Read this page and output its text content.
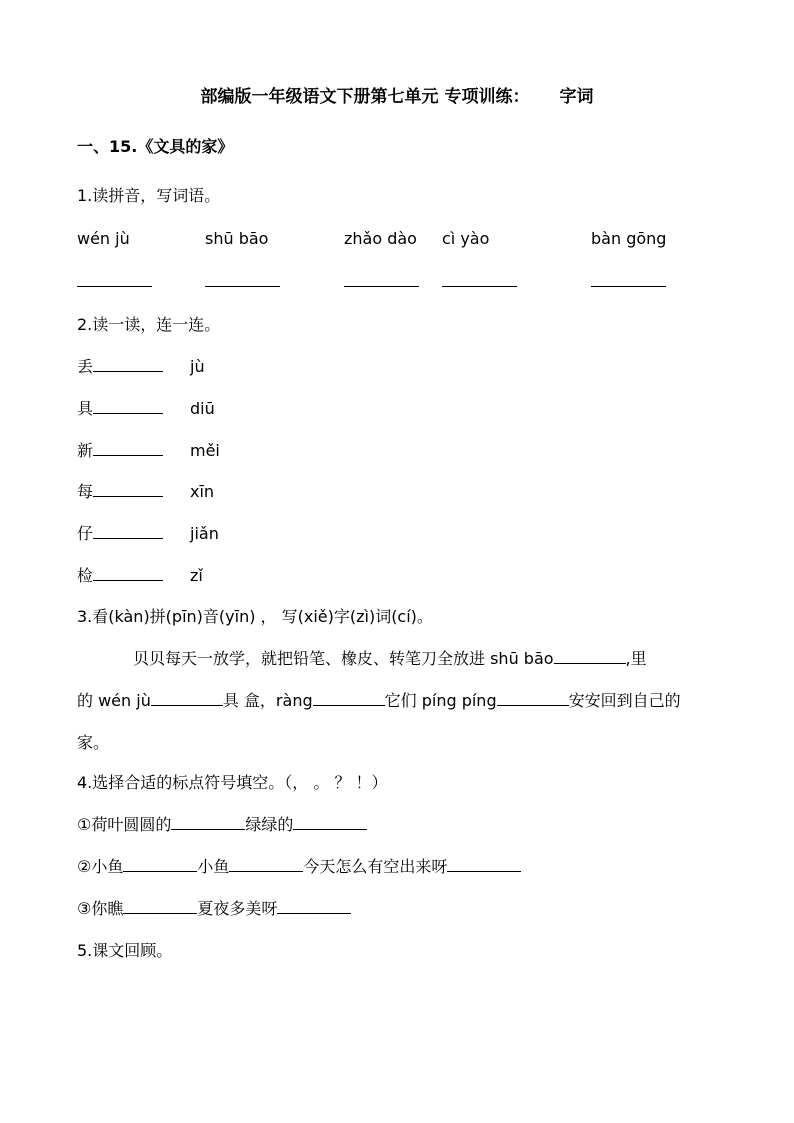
部编版一年级语文下册第七单元 专项训练： 字词
一、15.《文具的家》
1.读拼音，写词语。
wén jù	shū bāo	zhǎo dào cì yào	bàn gōng
2.读一读，连一连。
丢	jù
具	diū
新	měi
每	xīn
仔	jiǎn
检	zǐ
3.看(kàn)拼(pīn)音(yīn) ， 写(xiě)字(zì)词(cí)。
贝贝每天一放学，就把铅笔、橡皮、转笔刀全放进 shū bāo	,里
的 wén jù	具 盒，ràng	它们 píng píng	安安回到自己的
家。
4.选择合适的标点符号填空。（， 。 ？ ！）
①荷叶圆圆的	绿绿的
②小鱼	小鱼	今天怎么有空出来呀
③你瞧	夏夜多美呀
5.课文回顾。
